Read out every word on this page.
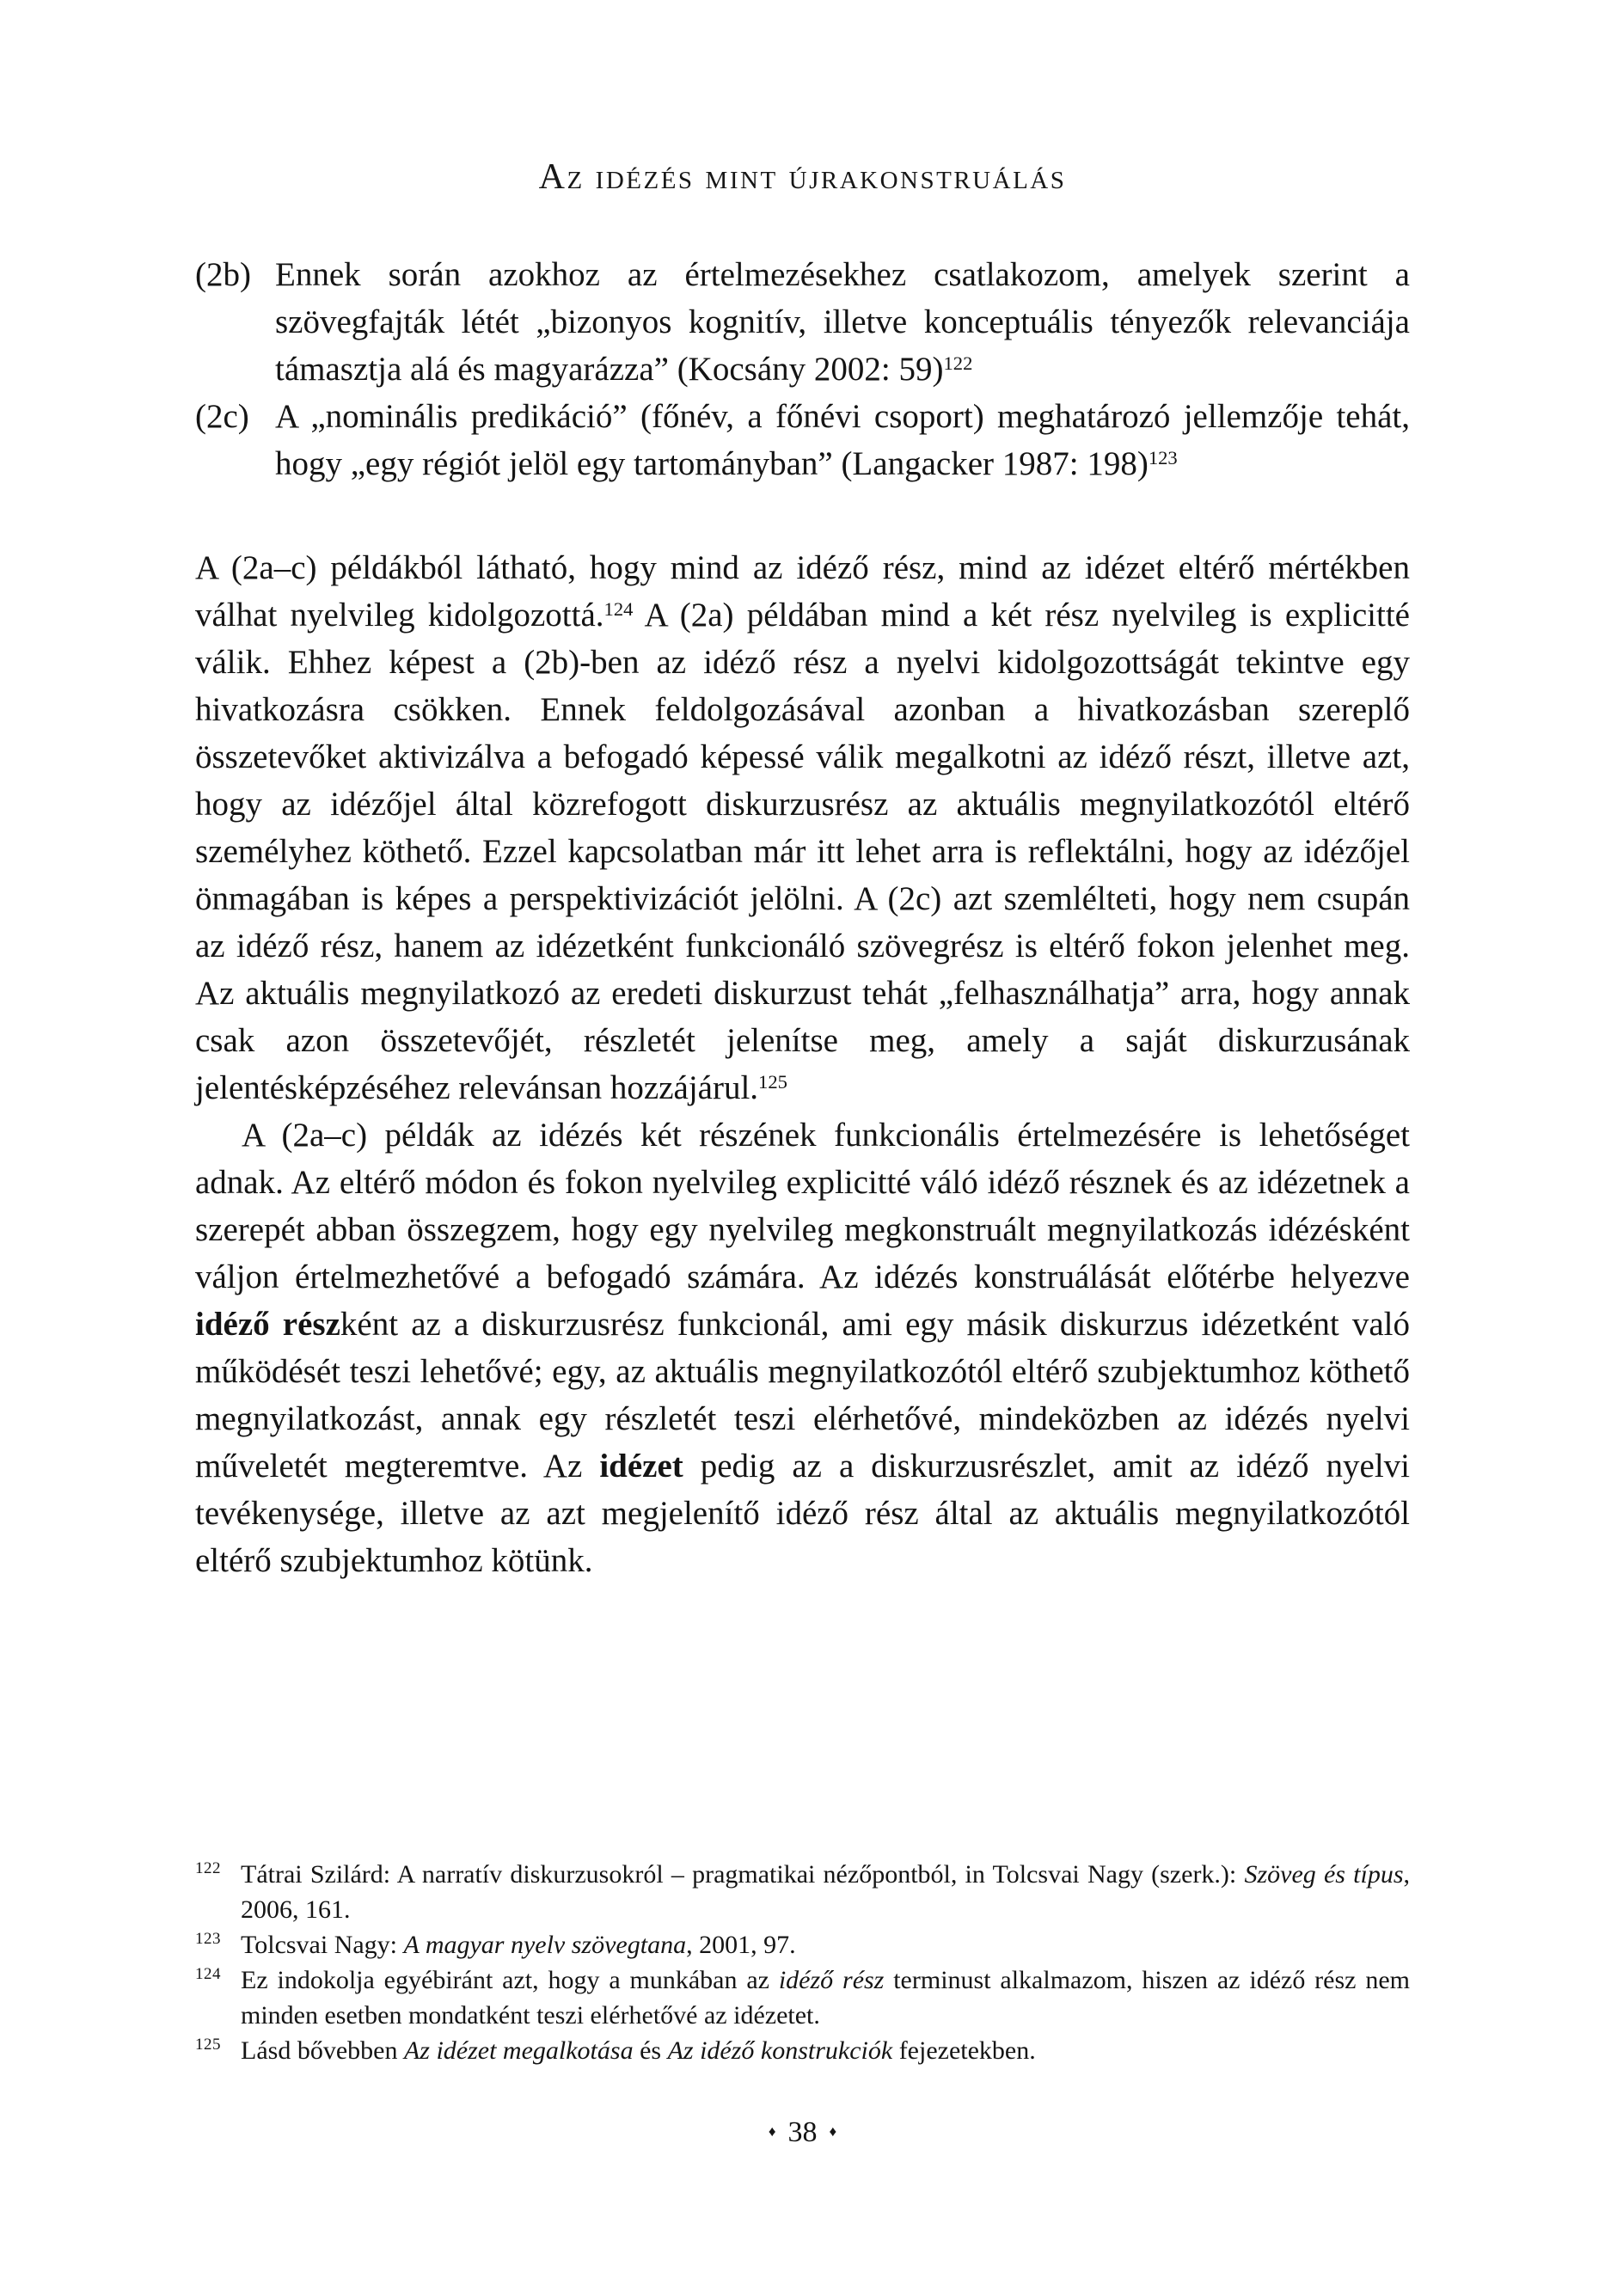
Az idézés mint újrakonstruálás
(2b) Ennek során azokhoz az értelmezésekhez csatlakozom, amelyek szerint a szövegfajták létét „bizonyos kognitív, illetve konceptuális tényezők relevanciája támasztja alá és magyarázza” (Kocsány 2002: 59)$^{122}$
(2c) A „nominális predikáció” (főnév, a főnévi csoport) meghatározó jellemzője tehát, hogy „egy régiót jelöl egy tartományban” (Langacker 1987: 198)$^{123}$

A (2a–c) példákból látható, hogy mind az idéző rész, mind az idézet eltérő mértékben válhat nyelvileg kidolgozottá.$^{124}$ A (2a) példában mind a két rész nyelvileg is explicitté válik. Ehhez képest a (2b)-ben az idéző rész a nyelvi kidolgozottságát tekintve egy hivatkozásra csökken. Ennek feldolgozásával azonban a hivatkozásban szereplő összetevőket aktivizálva a befogadó képessé válik megalkotni az idéző részt, illetve azt, hogy az idézőjel által közrefogott diskurzusrész az aktuális megnyilatkozótól eltérő személyhez köthető. Ezzel kapcsolatban már itt lehet arra is reflektálni, hogy az idézőjel önmagában is képes a perspektivizációt jelölni. A (2c) azt szemlélteti, hogy nem csupán az idéző rész, hanem az idézetként funkcionáló szövegrész is eltérő fokon jelenhet meg. Az aktuális megnyilatkozó az eredeti diskurzust tehát „felhasználhatja” arra, hogy annak csak azon összetevőjét, részletét jelenítse meg, amely a saját diskurzusának jelentésképzéséhez relevánsan hozzájárul.$^{125}$

A (2a–c) példák az idézés két részének funkcionális értelmezésére is lehetőséget adnak. Az eltérő módon és fokon nyelvileg explicitté váló idéző résznek és az idézetnek a szerepét abban összegzem, hogy egy nyelvileg megkonstruált megnyilatkozás idézésként váljon értelmezhetővé a befogadó számára. Az idézés konstruálását előtérbe helyezve idéző részként az a diskurzusrész funkcionál, ami egy másik diskurzus idézetként való működését teszi lehetővé; egy, az aktuális megnyilatkozótól eltérő szubjektumhoz köthető megnyilatkozást, annak egy részletét teszi elérhetővé, mindeközben az idézés nyelvi műveletét megteremtve. Az idézet pedig az a diskurzusrészlet, amit az idéző nyelvi tevékenysége, illetve az azt megjelenítő idéző rész által az aktuális megnyilatkozótól eltérő szubjektumhoz kötünk.

122 Tátrai Szilárd: A narratív diskurzusokról – pragmatikai nézőpontból, in Tolcsvai Nagy (szerk.): Szöveg és típus, 2006, 161.
123 Tolcsvai Nagy: A magyar nyelv szövegtana, 2001, 97.
124 Ez indokolja egyébiránt azt, hogy a munkában az idéző rész terminust alkalmazom, hiszen az idéző rész nem minden esetben mondatként teszi elérhetővé az idézetet.
125 Lásd bővebben Az idézet megalkotása és Az idéző konstrukciók fejezetekben.
♦ 38 ♦
